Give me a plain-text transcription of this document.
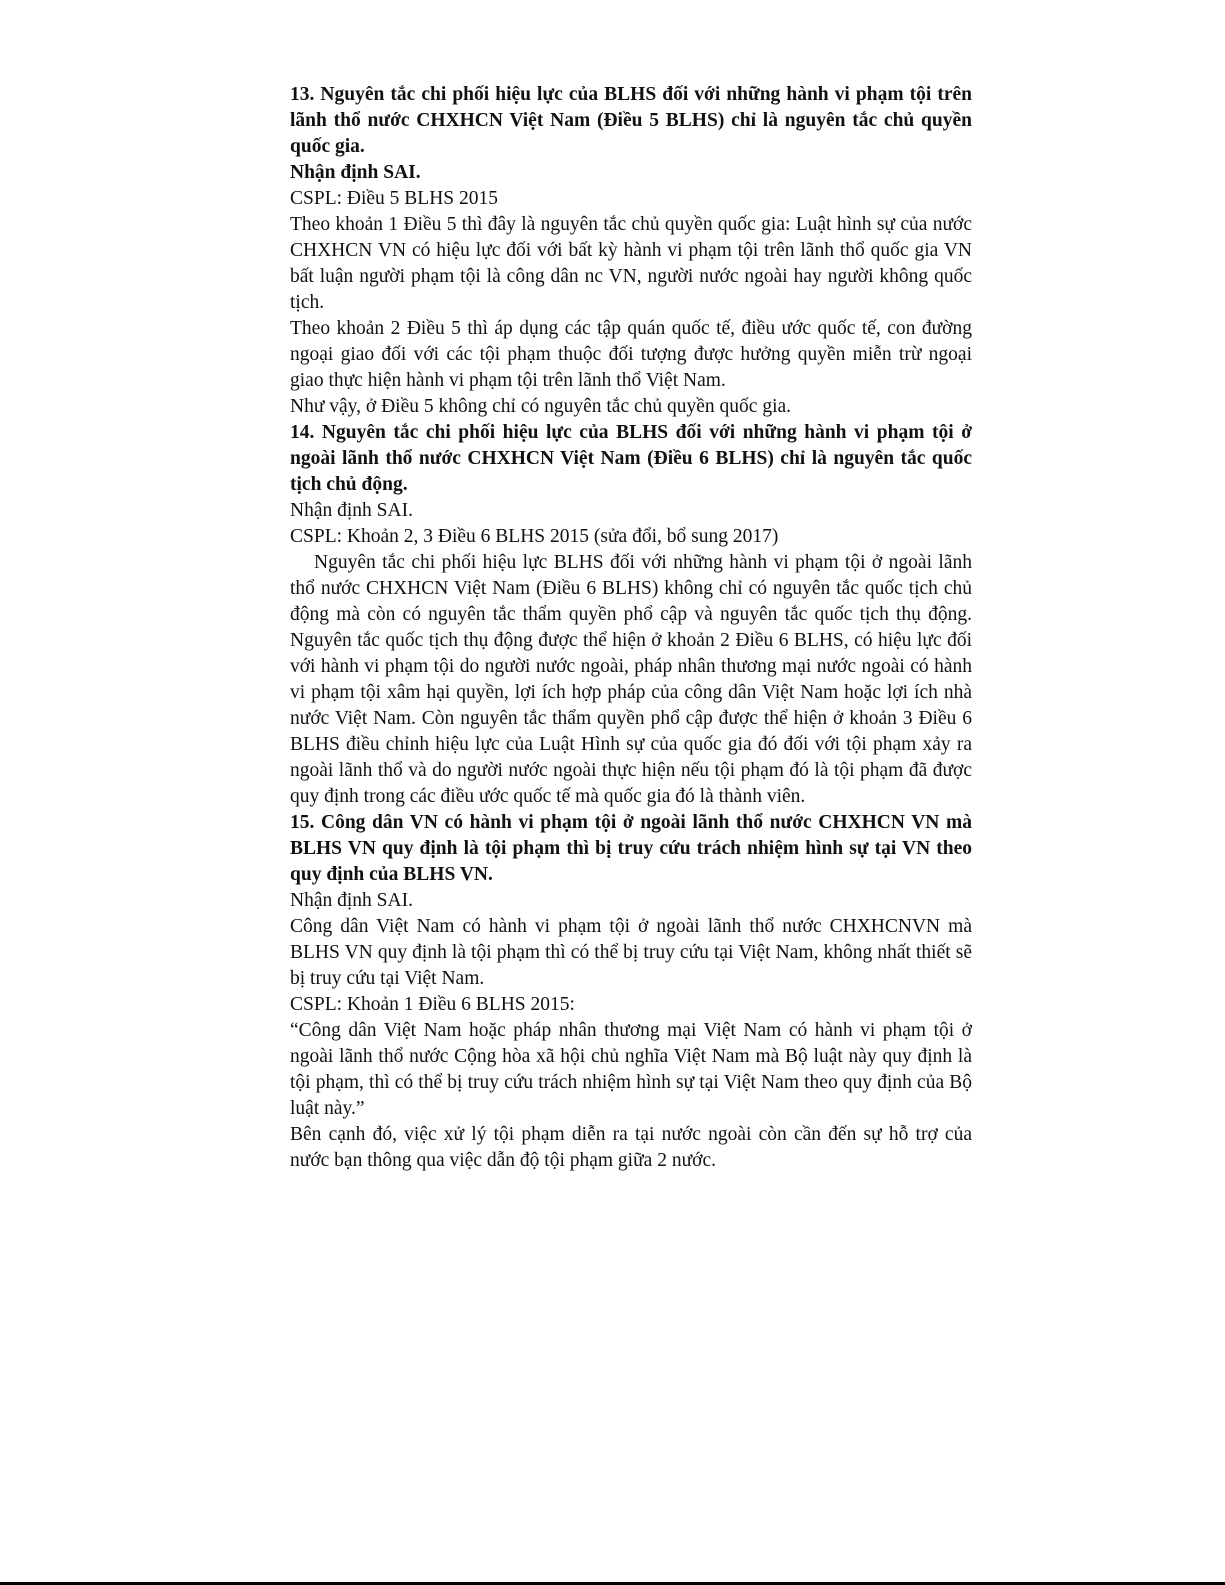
13. Nguyên tắc chi phối hiệu lực của BLHS đối với những hành vi phạm tội trên lãnh thổ nước CHXHCN Việt Nam (Điều 5 BLHS) chỉ là nguyên tắc chủ quyền quốc gia.

Nhận định SAI.

CSPL: Điều 5 BLHS 2015

Theo khoản 1 Điều 5 thì đây là nguyên tắc chủ quyền quốc gia: Luật hình sự của nước CHXHCN VN có hiệu lực đối với bất kỳ hành vi phạm tội trên lãnh thổ quốc gia VN bất luận người phạm tội là công dân nc VN, người nước ngoài hay người không quốc tịch.

Theo khoản 2 Điều 5 thì áp dụng các tập quán quốc tế, điều ước quốc tế, con đường ngoại giao đối với các tội phạm thuộc đối tượng được hưởng quyền miễn trừ ngoại giao thực hiện hành vi phạm tội trên lãnh thổ Việt Nam.

Như vậy, ở Điều 5 không chỉ có nguyên tắc chủ quyền quốc gia.

14. Nguyên tắc chi phối hiệu lực của BLHS đối với những hành vi phạm tội ở ngoài lãnh thổ nước CHXHCN Việt Nam (Điều 6 BLHS) chỉ là nguyên tắc quốc tịch chủ động.

Nhận định SAI.

CSPL: Khoản 2, 3 Điều 6 BLHS 2015 (sửa đổi, bổ sung 2017)

Nguyên tắc chi phối hiệu lực BLHS đối với những hành vi phạm tội ở ngoài lãnh thổ nước CHXHCN Việt Nam (Điều 6 BLHS) không chỉ có nguyên tắc quốc tịch chủ động mà còn có nguyên tắc thẩm quyền phổ cập và nguyên tắc quốc tịch thụ động. Nguyên tắc quốc tịch thụ động được thể hiện ở khoản 2 Điều 6 BLHS, có hiệu lực đối với hành vi phạm tội do người nước ngoài, pháp nhân thương mại nước ngoài có hành vi phạm tội xâm hại quyền, lợi ích hợp pháp của công dân Việt Nam hoặc lợi ích nhà nước Việt Nam. Còn nguyên tắc thẩm quyền phổ cập được thể hiện ở khoản 3 Điều 6 BLHS điều chỉnh hiệu lực của Luật Hình sự của quốc gia đó đối với tội phạm xảy ra ngoài lãnh thổ và do người nước ngoài thực hiện nếu tội phạm đó là tội phạm đã được quy định trong các điều ước quốc tế mà quốc gia đó là thành viên.

15. Công dân VN có hành vi phạm tội ở ngoài lãnh thổ nước CHXHCN VN mà BLHS VN quy định là tội phạm thì bị truy cứu trách nhiệm hình sự tại VN theo quy định của BLHS VN.

Nhận định SAI.

Công dân Việt Nam có hành vi phạm tội ở ngoài lãnh thổ nước CHXHCNVN mà BLHS VN quy định là tội phạm thì có thể bị truy cứu tại Việt Nam, không nhất thiết sẽ bị truy cứu tại Việt Nam.

CSPL: Khoản 1 Điều 6 BLHS 2015:

“Công dân Việt Nam hoặc pháp nhân thương mại Việt Nam có hành vi phạm tội ở ngoài lãnh thổ nước Cộng hòa xã hội chủ nghĩa Việt Nam mà Bộ luật này quy định là tội phạm, thì có thể bị truy cứu trách nhiệm hình sự tại Việt Nam theo quy định của Bộ luật này.”

Bên cạnh đó, việc xử lý tội phạm diễn ra tại nước ngoài còn cần đến sự hỗ trợ của nước bạn thông qua việc dẫn độ tội phạm giữa 2 nước.
